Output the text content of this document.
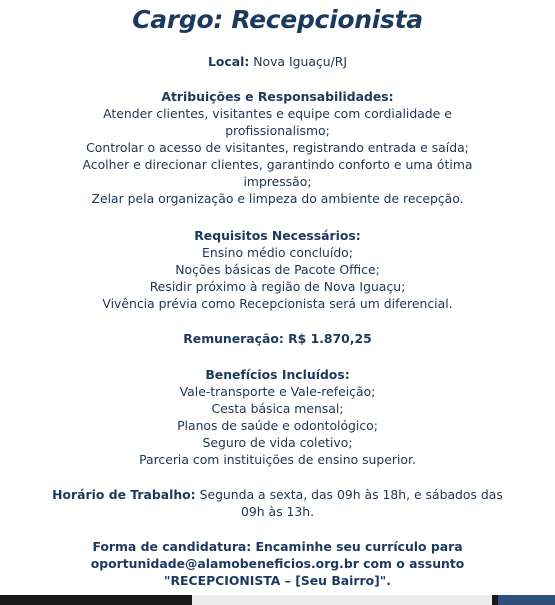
Cargo: Recepcionista

Local: Nova Iguaçu/RJ

Atribuições e Responsabilidades:

Atender clientes, visitantes e equipe com cordialidade e profissionalismo;

Controlar o acesso de visitantes, registrando entrada e saída;

Acolher e direcionar clientes, garantindo conforto e uma ótima impressão;

Zelar pela organização e limpeza do ambiente de recepção.

Requisitos Necessários:

Ensino médio concluído;

Noções básicas de Pacote Office;

Residir próximo à região de Nova Iguaçu;

Vivência prévia como Recepcionista será um diferencial.

Remuneração: R$ 1.870,25

Benefícios Incluídos:

Vale-transporte e Vale-refeição;

Cesta básica mensal;

Planos de saúde e odontológico;

Seguro de vida coletivo;

Parceria com instituições de ensino superior.

Horário de Trabalho: Segunda a sexta, das 09h às 18h, e sábados das 09h às 13h.

Forma de candidatura: Encaminhe seu currículo para oportunidade@alamobeneficios.org.br com o assunto "RECEPCIONISTA – [Seu Bairro]".
